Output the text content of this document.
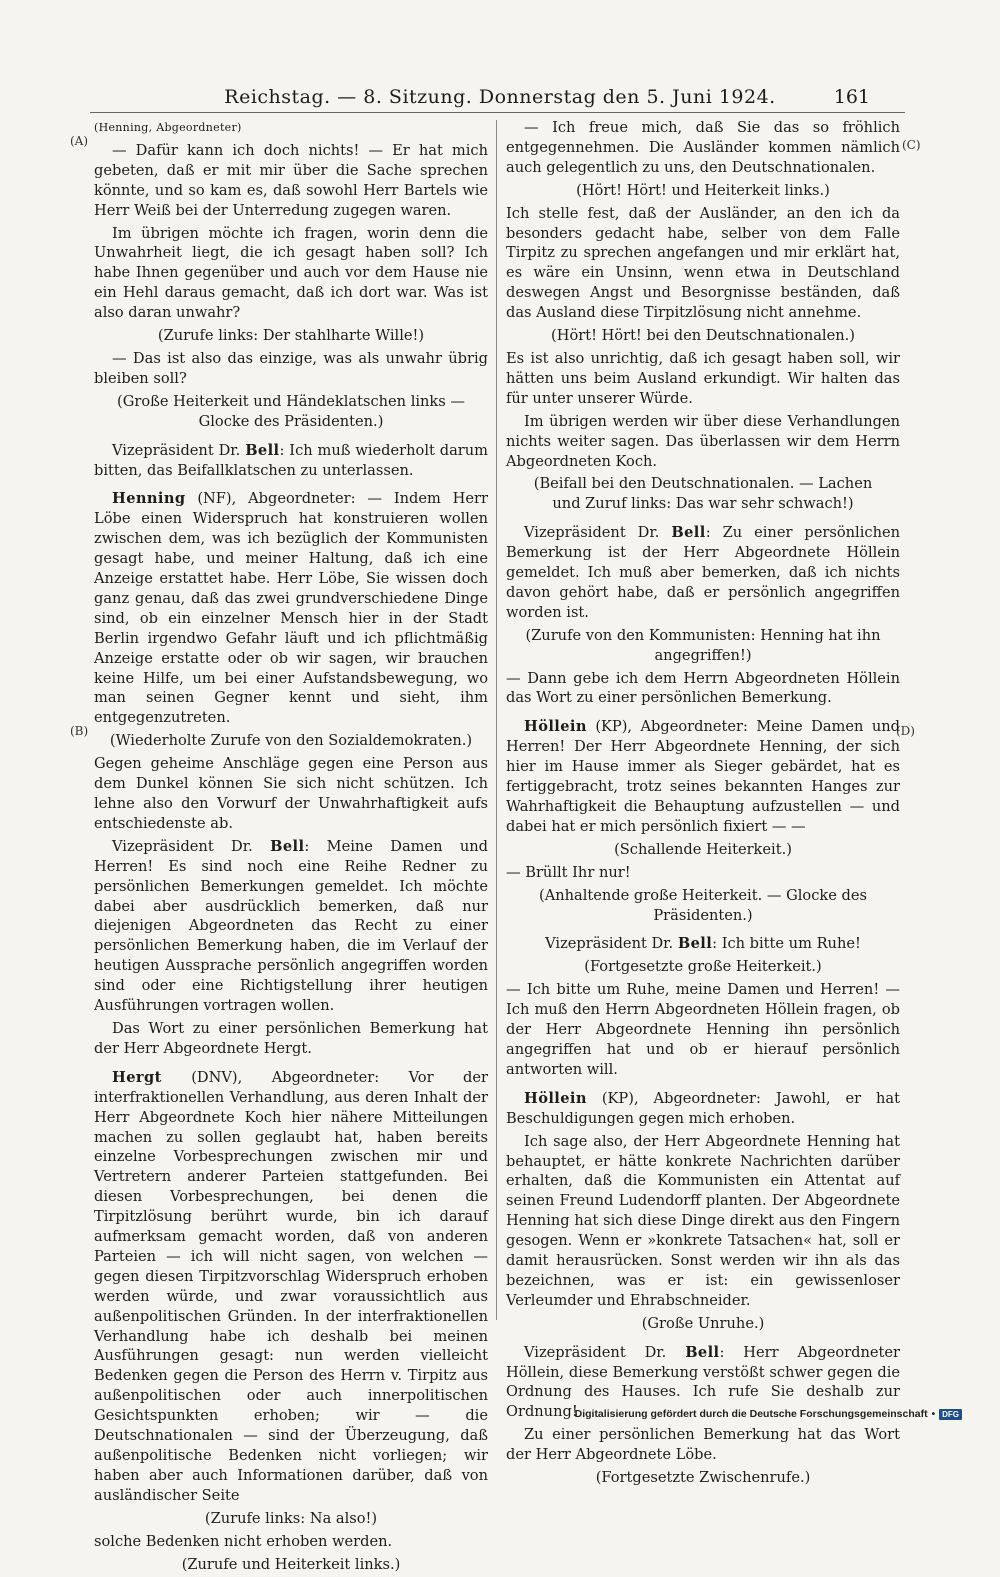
Reichstag. — 8. Sitzung. Donnerstag den 5. Juni 1924.	161
(A)
(B)
(C)
(D)

(Henning, Abgeordneter)

— Dafür kann ich doch nichts! — Er hat mich gebeten, daß er mit mir über die Sache sprechen könnte, und so kam es, daß sowohl Herr Bartels wie Herr Weiß bei der Unterredung zugegen waren.

Im übrigen möchte ich fragen, worin denn die Unwahrheit liegt, die ich gesagt haben soll? Ich habe Ihnen gegenüber und auch vor dem Hause nie ein Hehl daraus gemacht, daß ich dort war. Was ist also daran unwahr?

(Zurufe links: Der stahlharte Wille!)

— Das ist also das einzige, was als unwahr übrig bleiben soll?

(Große Heiterkeit und Händeklatschen links — Glocke des Präsidenten.)

Vizepräsident Dr. Bell: Ich muß wiederholt darum bitten, das Beifallklatschen zu unterlassen.

Henning (NF), Abgeordneter: — Indem Herr Löbe einen Widerspruch hat konstruieren wollen zwischen dem, was ich bezüglich der Kommunisten gesagt habe, und meiner Haltung, daß ich eine Anzeige erstattet habe. Herr Löbe, Sie wissen doch ganz genau, daß das zwei grundverschiedene Dinge sind, ob ein einzelner Mensch hier in der Stadt Berlin irgendwo Gefahr läuft und ich pflichtmäßig Anzeige erstatte oder ob wir sagen, wir brauchen keine Hilfe, um bei einer Aufstandsbewegung, wo man seinen Gegner kennt und sieht, ihm entgegenzutreten.

(Wiederholte Zurufe von den Sozialdemokraten.)

Gegen geheime Anschläge gegen eine Person aus dem Dunkel können Sie sich nicht schützen. Ich lehne also den Vorwurf der Unwahrhaftigkeit aufs entschiedenste ab.

Vizepräsident Dr. Bell: Meine Damen und Herren! Es sind noch eine Reihe Redner zu persönlichen Bemerkungen gemeldet. Ich möchte dabei aber ausdrücklich bemerken, daß nur diejenigen Abgeordneten das Recht zu einer persönlichen Bemerkung haben, die im Verlauf der heutigen Aussprache persönlich angegriffen worden sind oder eine Richtigstellung ihrer heutigen Ausführungen vortragen wollen.

Das Wort zu einer persönlichen Bemerkung hat der Herr Abgeordnete Hergt.

Hergt (DNV), Abgeordneter: Vor der interfraktionellen Verhandlung, aus deren Inhalt der Herr Abgeordnete Koch hier nähere Mitteilungen machen zu sollen geglaubt hat, haben bereits einzelne Vorbesprechungen zwischen mir und Vertretern anderer Parteien stattgefunden. Bei diesen Vorbesprechungen, bei denen die Tirpitzlösung berührt wurde, bin ich darauf aufmerksam gemacht worden, daß von anderen Parteien — ich will nicht sagen, von welchen — gegen diesen Tirpitzvorschlag Widerspruch erhoben werden würde, und zwar voraussichtlich aus außenpolitischen Gründen. In der interfraktionellen Verhandlung habe ich deshalb bei meinen Ausführungen gesagt: nun werden vielleicht Bedenken gegen die Person des Herrn v. Tirpitz aus außenpolitischen oder auch innerpolitischen Gesichtspunkten erhoben; wir — die Deutschnationalen — sind der Überzeugung, daß außenpolitische Bedenken nicht vorliegen; wir haben aber auch Informationen darüber, daß von ausländischer Seite

(Zurufe links: Na also!)

solche Bedenken nicht erhoben werden.

(Zurufe und Heiterkeit links.)

— Ich freue mich, daß Sie das so fröhlich entgegennehmen. Die Ausländer kommen nämlich auch gelegentlich zu uns, den Deutschnationalen.

(Hört! Hört! und Heiterkeit links.)

Ich stelle fest, daß der Ausländer, an den ich da besonders gedacht habe, selber von dem Falle Tirpitz zu sprechen angefangen und mir erklärt hat, es wäre ein Unsinn, wenn etwa in Deutschland deswegen Angst und Besorgnisse beständen, daß das Ausland diese Tirpitzlösung nicht annehme.

(Hört! Hört! bei den Deutschnationalen.)

Es ist also unrichtig, daß ich gesagt haben soll, wir hätten uns beim Ausland erkundigt. Wir halten das für unter unserer Würde.

Im übrigen werden wir über diese Verhandlungen nichts weiter sagen. Das überlassen wir dem Herrn Abgeordneten Koch.

(Beifall bei den Deutschnationalen. — Lachen und Zuruf links: Das war sehr schwach!)

Vizepräsident Dr. Bell: Zu einer persönlichen Bemerkung ist der Herr Abgeordnete Höllein gemeldet. Ich muß aber bemerken, daß ich nichts davon gehört habe, daß er persönlich angegriffen worden ist.

(Zurufe von den Kommunisten: Henning hat ihn angegriffen!)

— Dann gebe ich dem Herrn Abgeordneten Höllein das Wort zu einer persönlichen Bemerkung.

Höllein (KP), Abgeordneter: Meine Damen und Herren! Der Herr Abgeordnete Henning, der sich hier im Hause immer als Sieger gebärdet, hat es fertiggebracht, trotz seines bekannten Hanges zur Wahrhaftigkeit die Behauptung aufzustellen — und dabei hat er mich persönlich fixiert — —

(Schallende Heiterkeit.)

— Brüllt Ihr nur!

(Anhaltende große Heiterkeit. — Glocke des Präsidenten.)

Vizepräsident Dr. Bell: Ich bitte um Ruhe!

(Fortgesetzte große Heiterkeit.)

— Ich bitte um Ruhe, meine Damen und Herren! — Ich muß den Herrn Abgeordneten Höllein fragen, ob der Herr Abgeordnete Henning ihn persönlich angegriffen hat und ob er hierauf persönlich antworten will.

Höllein (KP), Abgeordneter: Jawohl, er hat Beschuldigungen gegen mich erhoben.

Ich sage also, der Herr Abgeordnete Henning hat behauptet, er hätte konkrete Nachrichten darüber erhalten, daß die Kommunisten ein Attentat auf seinen Freund Ludendorff planten. Der Abgeordnete Henning hat sich diese Dinge direkt aus den Fingern gesogen. Wenn er »konkrete Tatsachen« hat, soll er damit herausrücken. Sonst werden wir ihn als das bezeichnen, was er ist: ein gewissenloser Verleumder und Ehrabschneider.

(Große Unruhe.)

Vizepräsident Dr. Bell: Herr Abgeordneter Höllein, diese Bemerkung verstößt schwer gegen die Ordnung des Hauses. Ich rufe Sie deshalb zur Ordnung!

Zu einer persönlichen Bemerkung hat das Wort der Herr Abgeordnete Löbe.

(Fortgesetzte Zwischenrufe.)

Digitalisierung gefördert durch die Deutsche Forschungsgemeinschaft • DFG
